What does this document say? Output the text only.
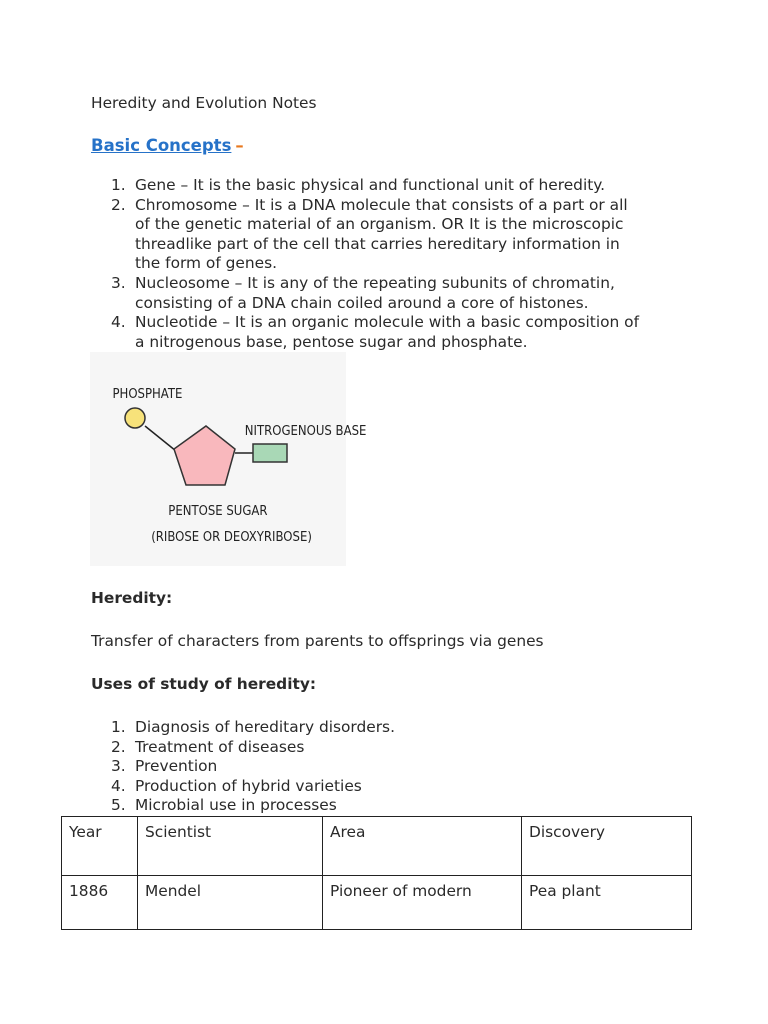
Heredity and Evolution Notes
Basic Concepts –
1. Gene – It is the basic physical and functional unit of heredity.
2. Chromosome – It is a DNA molecule that consists of a part or all
of the genetic material of an organism. OR It is the microscopic
threadlike part of the cell that carries hereditary information in
the form of genes.
3. Nucleosome – It is any of the repeating subunits of chromatin,
consisting of a DNA chain coiled around a core of histones.
4. Nucleotide – It is an organic molecule with a basic composition of
a nitrogenous base, pentose sugar and phosphate.
PHOSPHATE
NITROGENOUS BASE
PENTOSE SUGAR
(RIBOSE OR DEOXYRIBOSE)
Heredity:
Transfer of characters from parents to offsprings via genes
Uses of study of heredity:
1. Diagnosis of hereditary disorders.
2. Treatment of diseases
3. Prevention
4. Production of hybrid varieties
5. Microbial use in processes
Year	Scientist	Area	Discovery
1886	Mendel	Pioneer of modern	Pea plant
